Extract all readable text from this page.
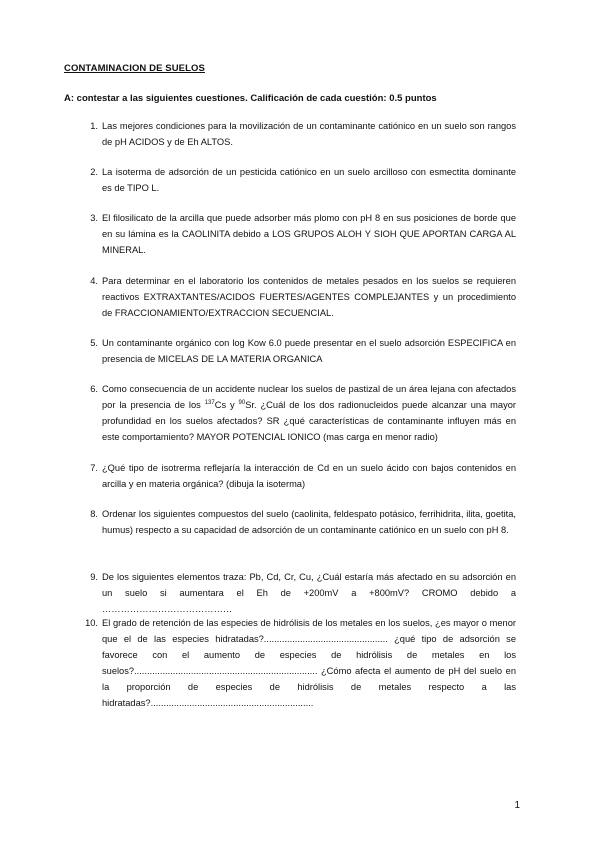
CONTAMINACION DE SUELOS
A: contestar a las siguientes cuestiones. Calificación de cada cuestión: 0.5 puntos
1. Las mejores condiciones para la movilización de un contaminante catiónico en un suelo son rangos de pH ACIDOS y de Eh ALTOS.
2. La isoterma de adsorción de un pesticida catiónico en un suelo arcilloso con esmectita dominante es de TIPO L.
3. El filosilicato de la arcilla que puede adsorber más plomo con pH 8 en sus posiciones de borde que en su lámina es la CAOLINITA debido a LOS GRUPOS ALOH Y SIOH QUE APORTAN CARGA AL MINERAL.
4. Para determinar en el laboratorio los contenidos de metales pesados en los suelos se requieren reactivos EXTRAXTANTES/ACIDOS FUERTES/AGENTES COMPLEJANTES y un procedimiento de FRACCIONAMIENTO/EXTRACCION SECUENCIAL.
5. Un contaminante orgánico con log Kow 6.0 puede presentar en el suelo adsorción ESPECIFICA en presencia de MICELAS DE LA MATERIA ORGANICA
6. Como consecuencia de un accidente nuclear los suelos de pastizal de un área lejana con afectados por la presencia de los $^{137}$Cs y $^{90}$Sr. ¿Cuál de los dos radionucleidos puede alcanzar una mayor profundidad en los suelos afectados? SR ¿qué características de contaminante influyen más en este comportamiento? MAYOR POTENCIAL IONICO (mas carga en menor radio)
7. ¿Qué tipo de isotrerma reflejaría la interacción de Cd en un suelo ácido con bajos contenidos en arcilla y en materia orgánica? (dibuja la isoterma)
8. Ordenar los siguientes compuestos del suelo (caolinita, feldespato potásico, ferrihidrita, ilita, goetita, humus) respecto a su capacidad de adsorción de un contaminante catiónico en un suelo con pH 8.
9. De los siguientes elementos traza: Pb, Cd, Cr, Cu, ¿Cuál estaría más afectado en su adsorción en un suelo si aumentara el Eh de +200mV a +800mV? CROMO debido a ……………………………………
10. El grado de retención de las especies de hidrólisis de los metales en los suelos, ¿es mayor o menor que el de las especies hidratadas?................................................ ¿qué tipo de adsorción se favorece con el aumento de especies de hidrólisis de metales en los suelos?....................................................................... ¿Cómo afecta el aumento de pH del suelo en la proporción de especies de hidrólisis de metales respecto a las hidratadas?...............................................................
1
